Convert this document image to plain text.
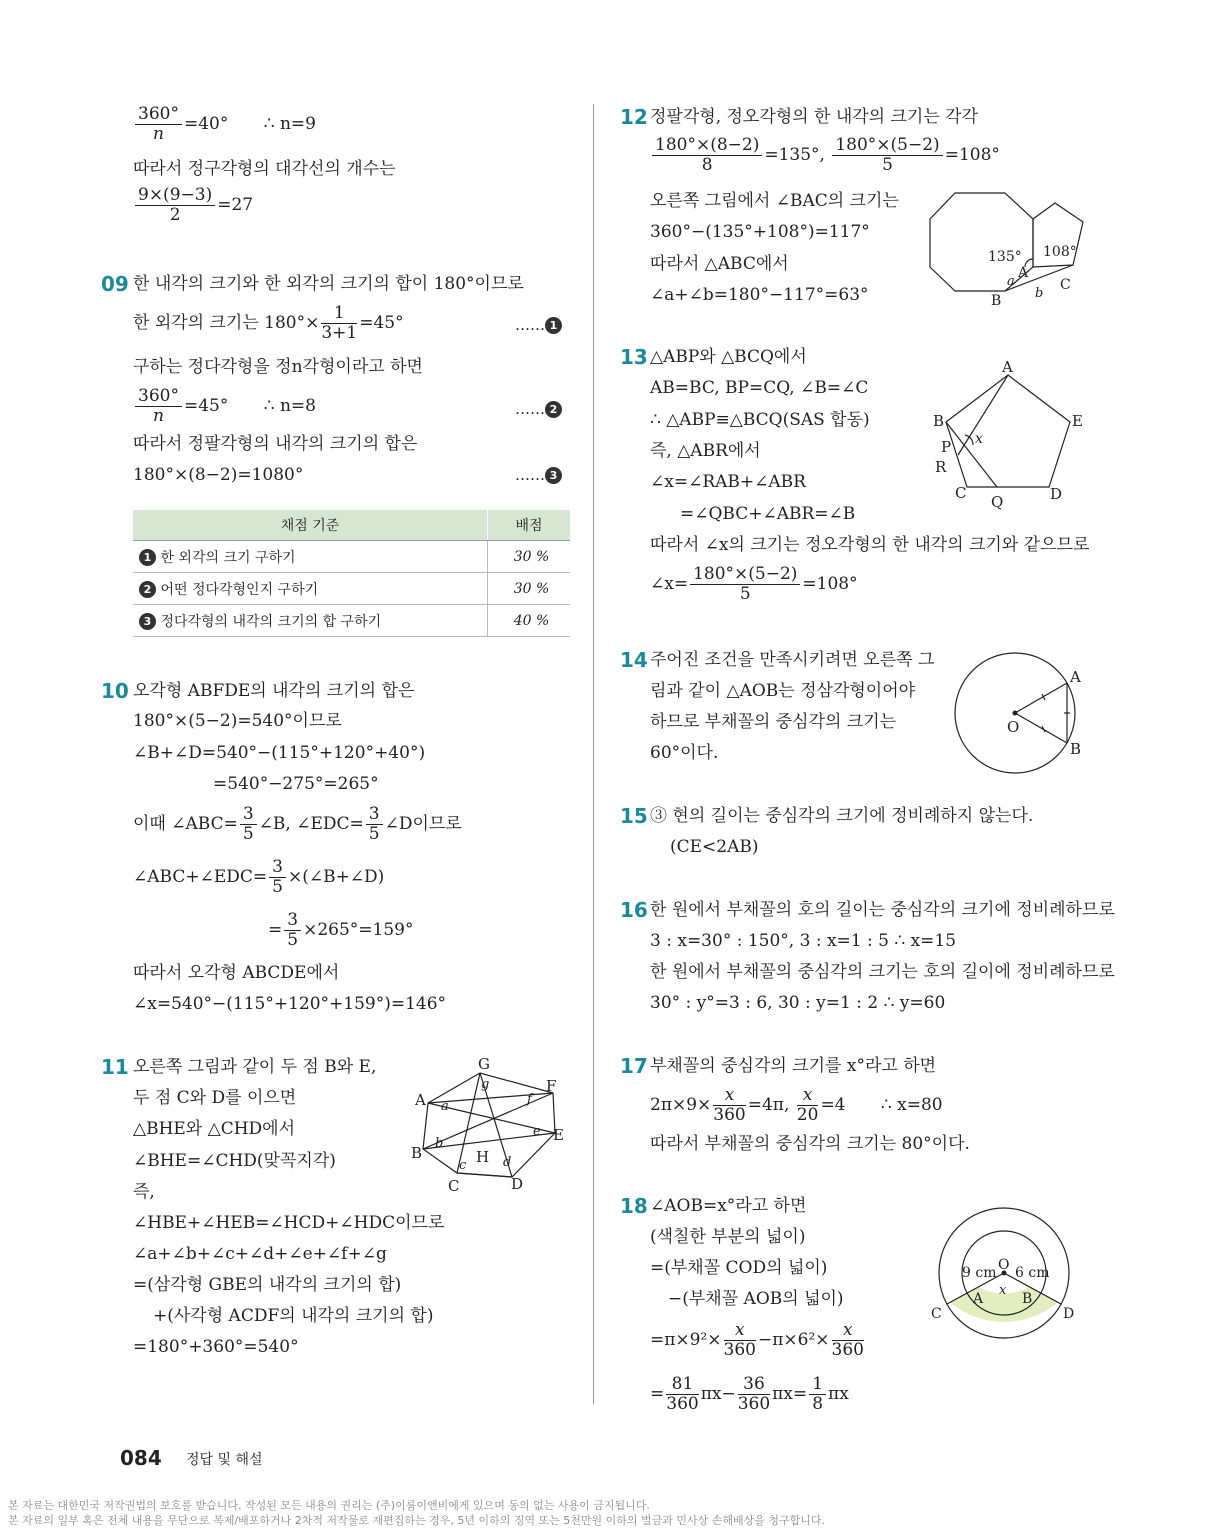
$\frac{360^\circ}{n} =40^\circ$ ∴ n=9
따라서 정구각형의 대각선의 개수는
$\frac{9\times(9-3)}{2} =27$
09 한 내각의 크기와 한 외각의 크기의 합이 180°이므로
한 외각의 크기는 $180^\circ\times \frac{1}{3+1} =45^\circ$	…… 1
구하는 정다각형을 정n각형이라고 하면
$\frac{360^\circ}{n} =45^\circ$ ∴ n=8	…… 2
따라서 정팔각형의 내각의 크기의 합은
180°×(8−2)=1080°	…… 3
채점 기준	배점
1 한 외각의 크기 구하기	30 %
2 어떤 정다각형인지 구하기	30 %
3 정다각형의 내각의 크기의 합 구하기	40 %
10 오각형 ABFDE의 내각의 크기의 합은
180°×(5−2)=540°이므로
∠B+∠D=540°−(115°+120°+40°)
=540°−275°=265°
이때 ∠ABC= $\frac{3}{5}$ ∠B, ∠EDC= $\frac{3}{5}$ ∠D이므로
∠ABC+∠EDC= $\frac{3}{5}$ ×(∠B+∠D)
= $\frac{3}{5} \times 265^\circ=159^\circ$
따라서 오각형 ABCDE에서
∠x=540°−(115°+120°+159°)=146°
11 오른쪽 그림과 같이 두 점 B와 E,
두 점 C와 D를 이으면
△BHE와 △CHD에서
∠BHE=∠CHD(맞꼭지각)
즉,
∠HBE+∠HEB=∠HCD+∠HDC이므로
∠a+∠b+∠c+∠d+∠e+∠f+∠g
=(삼각형 GBE의 내각의 크기의 합)
+(사각형 ACDF의 내각의 크기의 합)
=180°+360°=540°
G
F
A
E
B	H
C	D
g
f
a
e
b
c	d
12 정팔각형, 정오각형의 한 내각의 크기는 각각
$\frac{180^\circ\times(8-2)}{8} =135^\circ$, $\frac{180^\circ\times(5-2)}{5} =108^\circ$
오른쪽 그림에서 ∠BAC의 크기는
360°−(135°+108°)=117°
따라서 △ABC에서
∠a+∠b=180°−117°=63°
135° 108°
A
B
C
a
b
13 △ABP와 △BCQ에서
AB=BC, BP=CQ, ∠B=∠C
∴ △ABP≡△BCQ(SAS 합동)
즉, △ABR에서
∠x=∠RAB+∠ABR
=∠QBC+∠ABR=∠B
따라서 ∠x의 크기는 정오각형의 한 내각의 크기와 같으므로
∠x= $\frac{180^\circ\times(5-2)}{5} =108^\circ$
A
B	E
P
R
C Q	D
x
14 주어진 조건을 만족시키려면 오른쪽 그
림과 같이 △AOB는 정삼각형이어야
하므로 부채꼴의 중심각의 크기는
60°이다.
A
B
O
15 ③ 현의 길이는 중심각의 크기에 정비례하지 않는다.
(CE<2AB)
16 한 원에서 부채꼴의 호의 길이는 중심각의 크기에 정비례하므로
3 : x=30° : 150°, 3 : x=1 : 5 ∴ x=15
한 원에서 부채꼴의 중심각의 크기는 호의 길이에 정비례하므로
30° : y°=3 : 6, 30 : y=1 : 2 ∴ y=60
17 부채꼴의 중심각의 크기를 x°라고 하면
$2\pi\times 9\times \frac{x}{360} =4\pi$, $\frac{x}{20} =4$ ∴ x=80
따라서 부채꼴의 중심각의 크기는 80°이다.
18 ∠AOB=x°라고 하면
(색칠한 부분의 넓이)
=(부채꼴 COD의 넓이)
−(부채꼴 AOB의 넓이)
$=\pi\times 9^2\times \frac{x}{360} -\pi\times 6^2\times \frac{x}{360}$
= $\frac{81}{360} \pi x- \frac{36}{360} \pi x= \frac{1}{8}$ πx
O
A	B
C	D
9 cm 6 cm
x
084 정답 및 해설
본 자료는 대한민국 저작권법의 보호를 받습니다. 작성된 모든 내용의 권리는 (주)이룸이앤비에게 있으며 동의 없는 사용이 금지됩니다.
본 자료의 일부 혹은 전체 내용을 무단으로 복제/배포하거나 2차적 저작물로 재편집하는 경우, 5년 이하의 징역 또는 5천만원 이하의 벌금과 민사상 손해배상을 청구합니다.
